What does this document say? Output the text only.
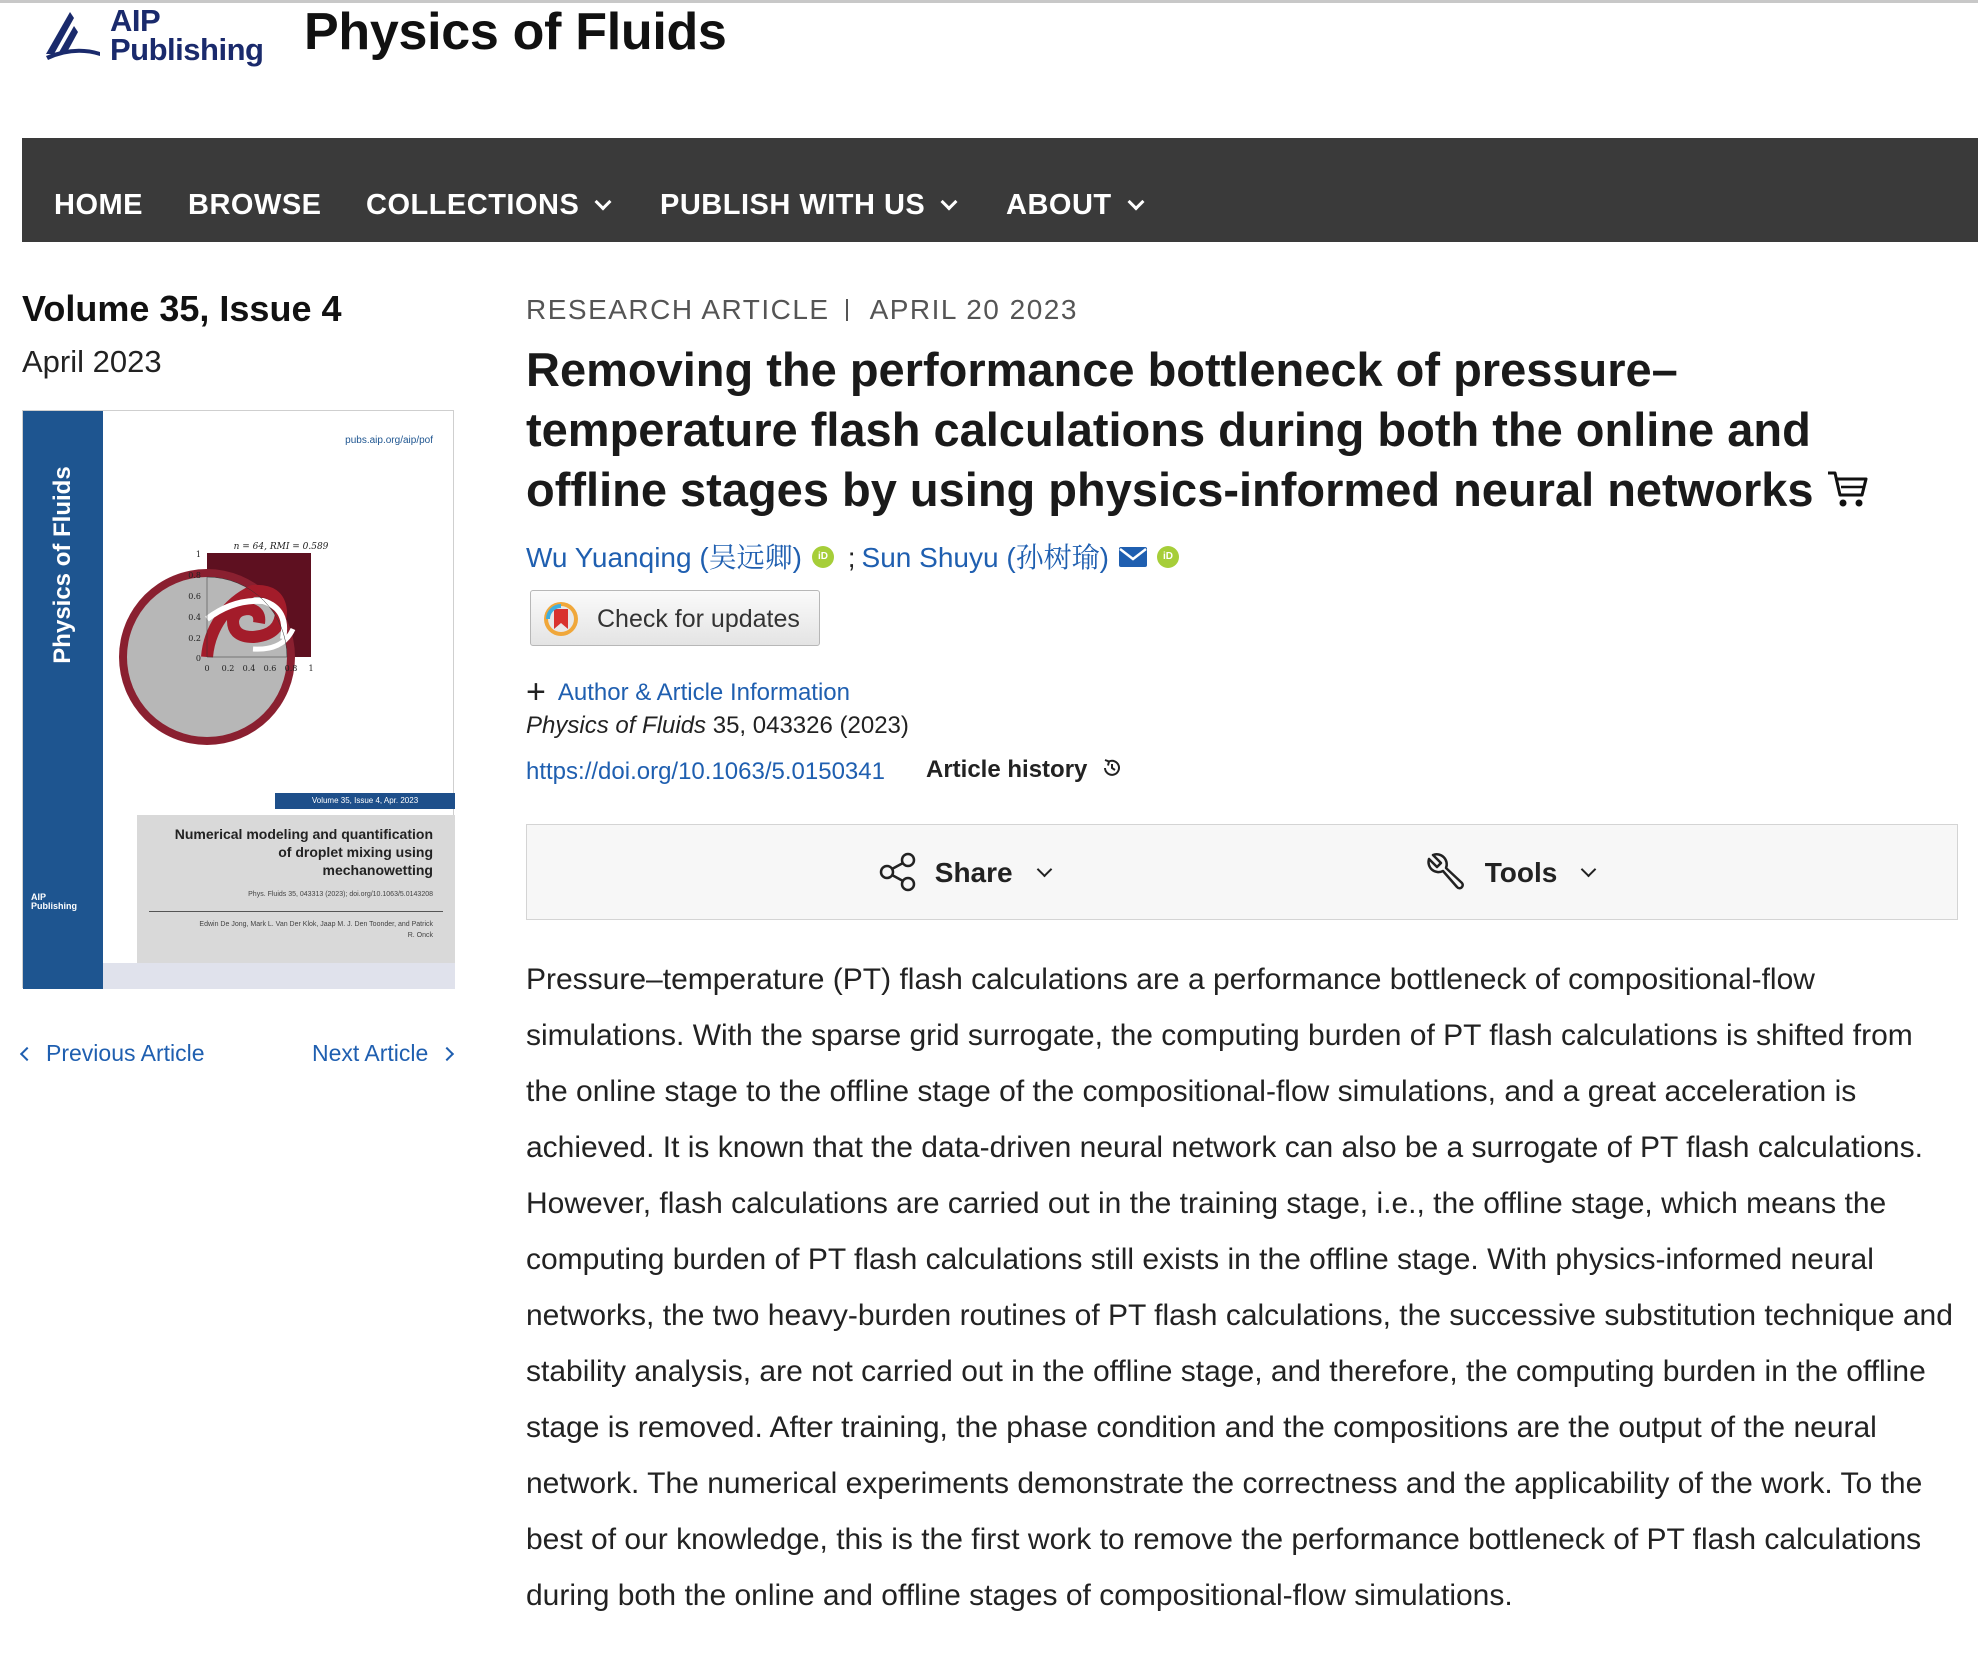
AIP
Publishing Physics of Fluids
HOME BROWSE COLLECTIONS	PUBLISH WITH US	ABOUT
Volume 35, Issue 4
April 2023
Physics of Fluids
AIP
Publishing
pubs.aip.org/aip/pof
n = 64, RMI = 0.589
1
0.8
0.6
0.4
0.2
0
0 0.2 0.4 0.6 0.8 1
Volume 35, Issue 4, Apr. 2023
Numerical modeling and quantification of droplet mixing using mechanowetting
Phys. Fluids 35, 043313 (2023); doi.org/10.1063/5.0143208
Edwin De Jong, Mark L. Van Der Klok, Jaap M. J. Den Toonder, and Patrick R. Onck
Previous Article	Next Article
RESEARCH ARTICLE APRIL 20 2023
Removing the performance bottleneck of pressure–temperature flash calculations during both the online and offline stages by using physics-informed neural networks
Wu Yuanqing (吴远卿) iD ; Sun Shuyu (孙树瑜)	iD
Check for updates
+ Author & Article Information
Physics of Fluids 35, 043326 (2023)
https://doi.org/10.1063/5.0150341 Article history
Share	Tools
Pressure–temperature (PT) flash calculations are a performance bottleneck of compositional-flow simulations. With the sparse grid surrogate, the computing burden of PT flash calculations is shifted from the online stage to the offline stage of the compositional-flow simulations, and a great acceleration is achieved. It is known that the data-driven neural network can also be a surrogate of PT flash calculations. However, flash calculations are carried out in the training stage, i.e., the offline stage, which means the computing burden of PT flash calculations still exists in the offline stage. With physics-informed neural networks, the two heavy-burden routines of PT flash calculations, the successive substitution technique and stability analysis, are not carried out in the offline stage, and therefore, the computing burden in the offline stage is removed. After training, the phase condition and the compositions are the output of the neural network. The numerical experiments demonstrate the correctness and the applicability of the work. To the best of our knowledge, this is the first work to remove the performance bottleneck of PT flash calculations during both the online and offline stages of compositional-flow simulations.
